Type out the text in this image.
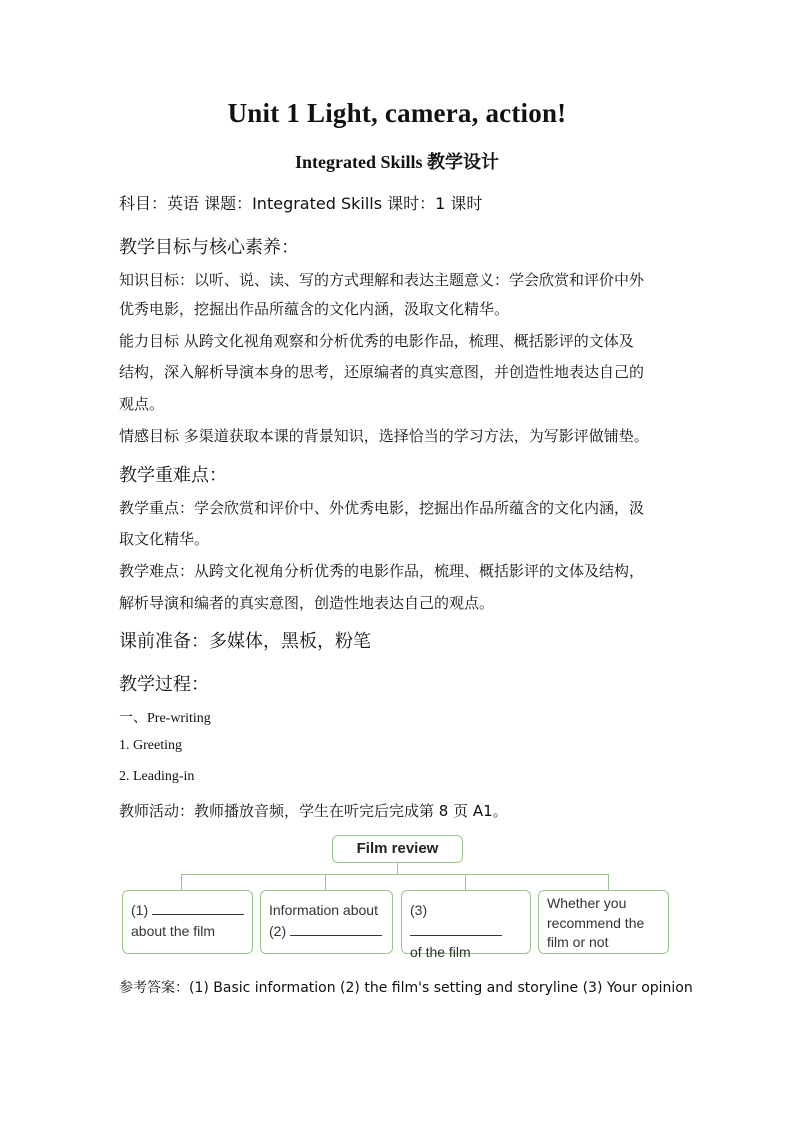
Unit 1 Light, camera, action!
Integrated Skills 教学设计
科目：英语 课题：Integrated Skills 课时：1 课时
教学目标与核心素养：
知识目标：以听、说、读、写的方式理解和表达主题意义：学会欣赏和评价中外
优秀电影，挖掘出作品所蕴含的文化内涵，汲取文化精华。
能力目标 从跨文化视角观察和分析优秀的电影作品，梳理、概括影评的文体及
结构，深入解析导演本身的思考，还原编者的真实意图，并创造性地表达自己的
观点。
情感目标 多渠道获取本课的背景知识，选择恰当的学习方法，为写影评做铺垫。
教学重难点：
教学重点：学会欣赏和评价中、外优秀电影，挖掘出作品所蕴含的文化内涵，汲
取文化精华。
教学难点：从跨文化视角分析优秀的电影作品，梳理、概括影评的文体及结构，
解析导演和编者的真实意图，创造性地表达自己的观点。
课前准备：多媒体，黑板，粉笔
教学过程：
一、Pre-writing
1. Greeting
2. Leading-in
教师活动：教师播放音频，学生在听完后完成第 8 页 A1。
Film review
(1)
about the film
Information about
(2)
(3)
of the film
Whether you
recommend the
film or not
参考答案：(1) Basic information (2) the film's setting and storyline (3) Your opinion
